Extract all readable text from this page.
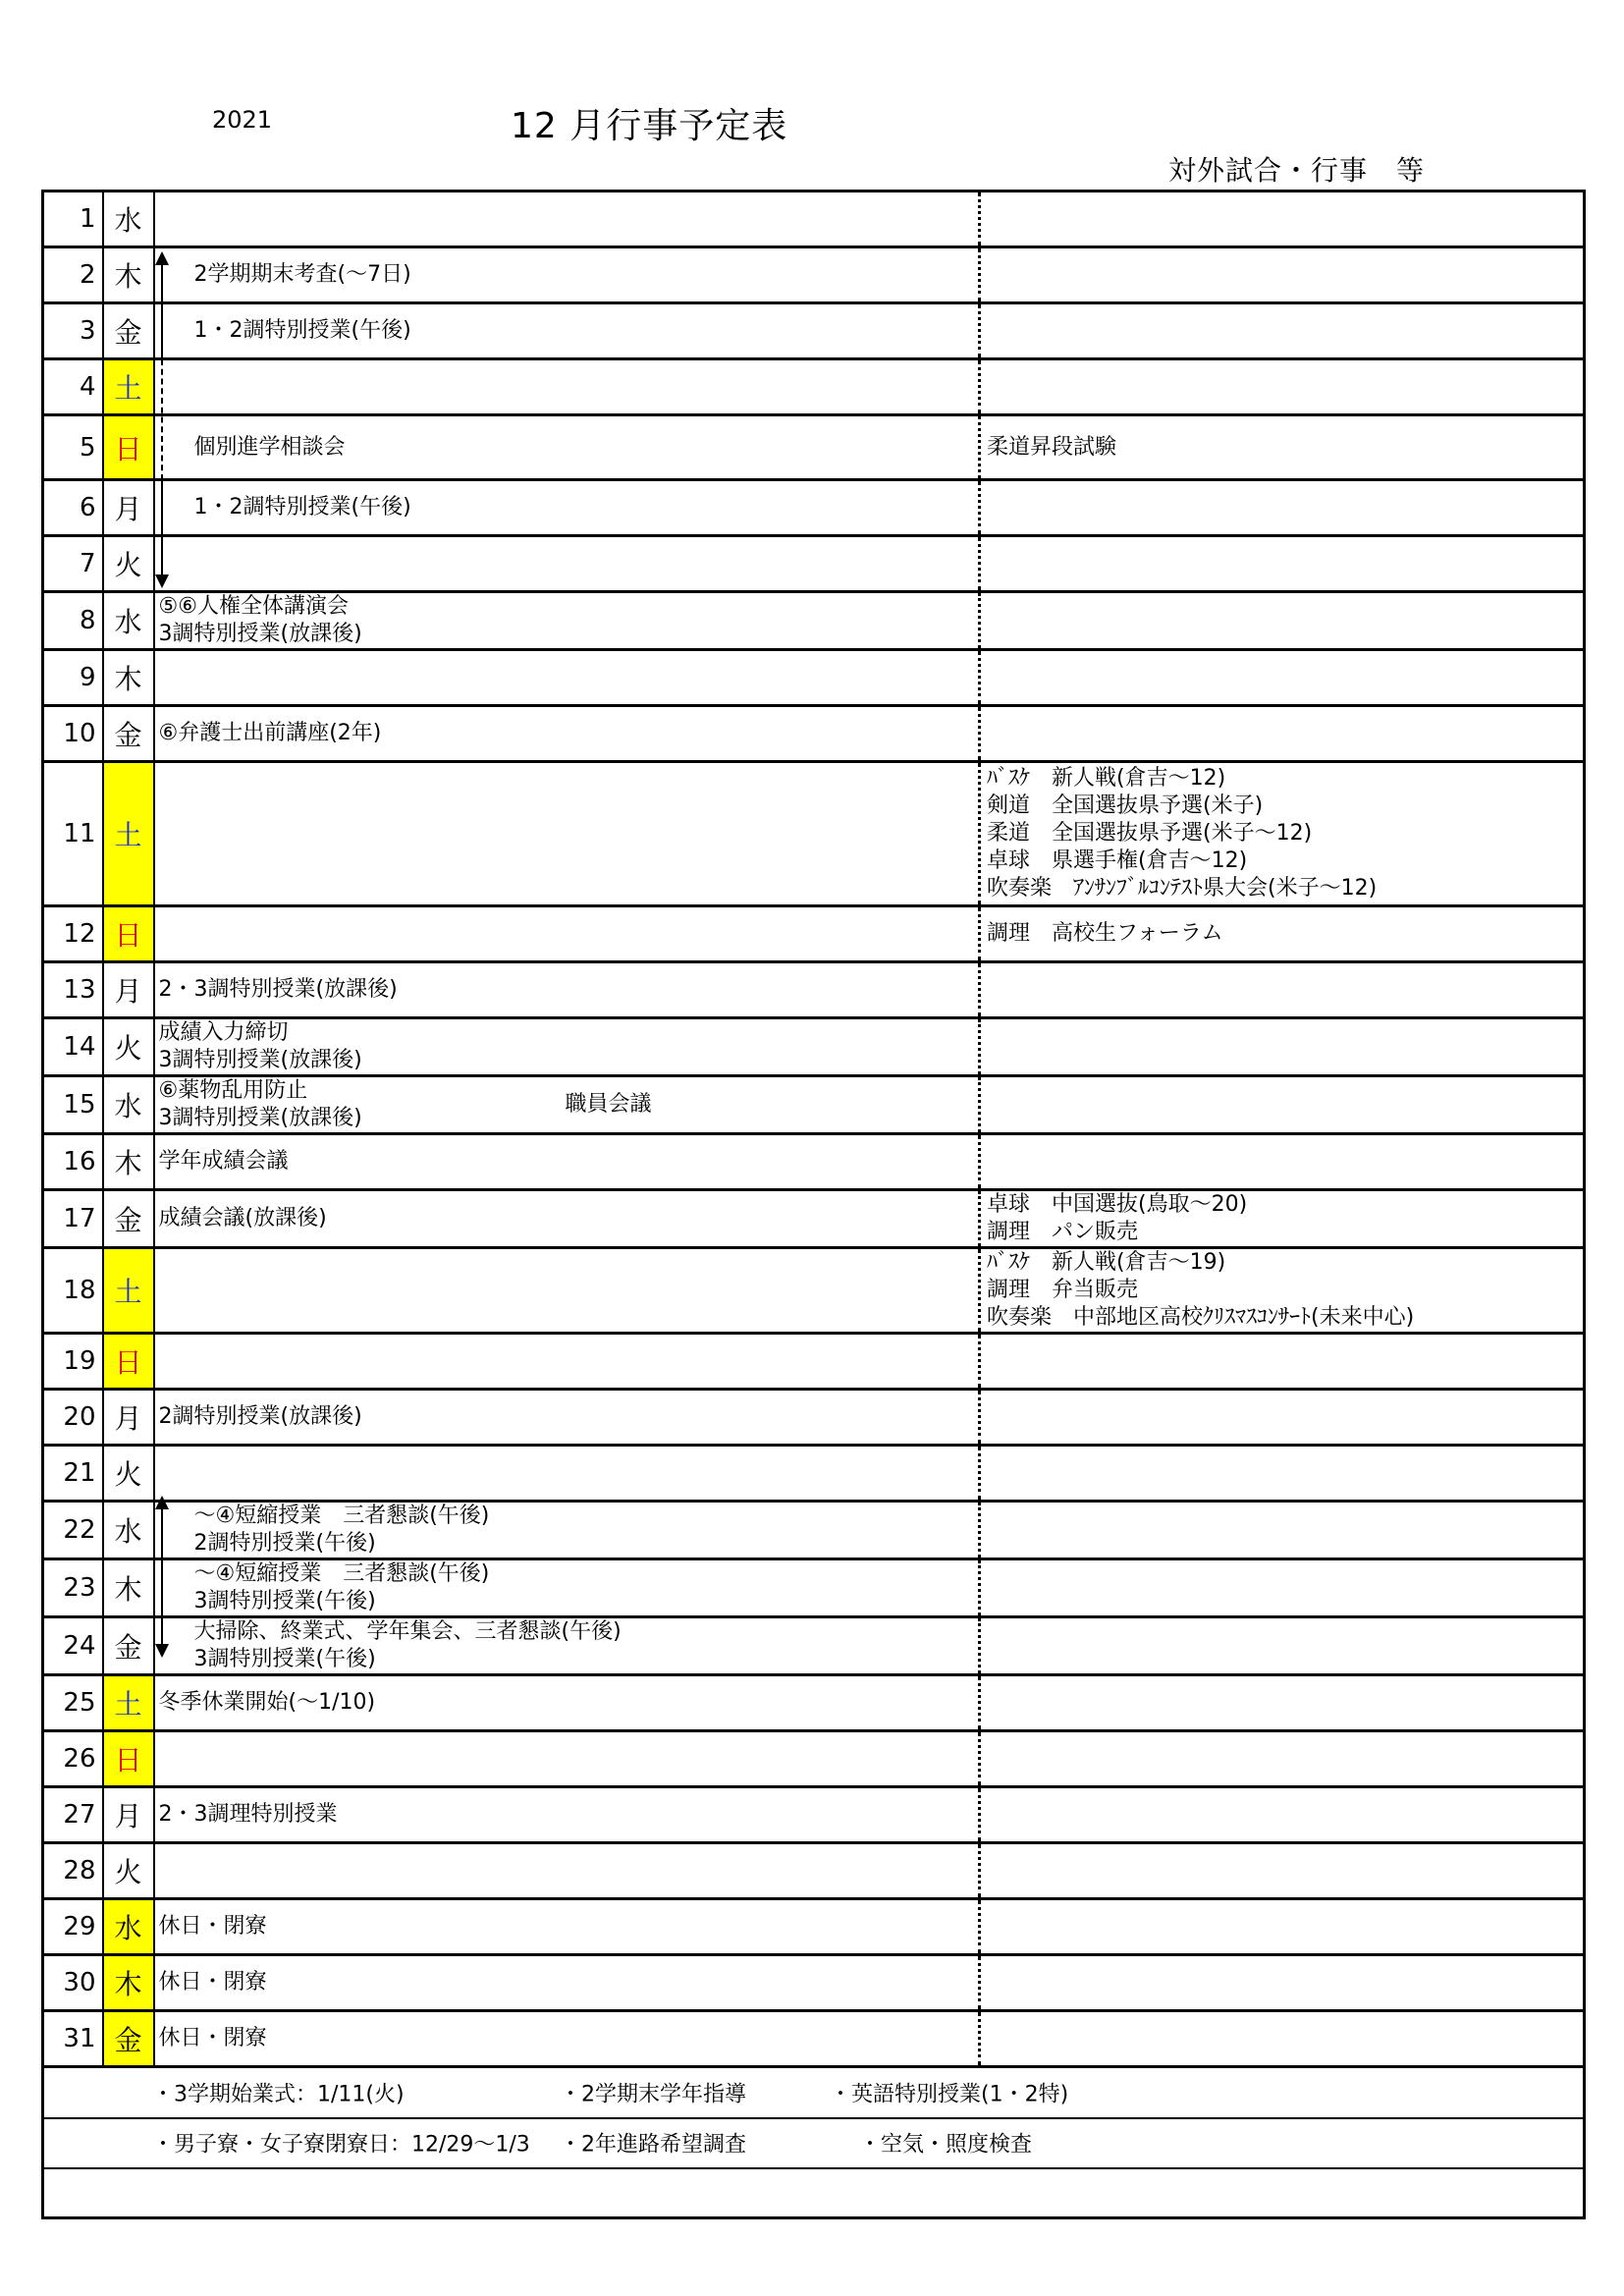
2021	12 月行事予定表
対外試合・行事　等
1	水		
2	木	2学期期末考査(～7日)	

3	金	1・2調特別授業(午後)	

4	土		
5	日	個別進学相談会	柔道昇段試験

6	月	1・2調特別授業(午後)	

7	火		
8	水	⑤⑥人権全体講演会
3調特別授業(放課後)	

9	木		
10	金	⑥弁護士出前講座(2年)	

11	土		ﾊﾞｽｹ　新人戦(倉吉～12)
剣道　全国選抜県予選(米子)
柔道　全国選抜県予選(米子～12)
卓球　県選手権(倉吉～12)
吹奏楽　ｱﾝｻﾝﾌﾞﾙｺﾝﾃｽﾄ県大会(米子～12)

12	日		調理　高校生フォーラム

13	月	2・3調特別授業(放課後)	

14	火	成績入力締切
3調特別授業(放課後)	

15	水	⑥薬物乱用防止
3調特別授業(放課後)
職員会議	

16	木	学年成績会議	

17	金	成績会議(放課後)	卓球　中国選抜(鳥取～20)
調理　パン販売

18	土		ﾊﾞｽｹ　新人戦(倉吉～19)
調理　弁当販売
吹奏楽　中部地区高校ｸﾘｽﾏｽｺﾝｻｰﾄ(未来中心)

19	日		
20	月	2調特別授業(放課後)	

21	火		
22	水	～④短縮授業　三者懇談(午後)
2調特別授業(午後)	

23	木	～④短縮授業　三者懇談(午後)
3調特別授業(午後)	

24	金	大掃除、終業式、学年集会、三者懇談(午後)
3調特別授業(午後)	

25	土	冬季休業開始(～1/10)	

26	日		
27	月	2・3調理特別授業	

28	火		
29	水	休日・閉寮	

30	木	休日・閉寮	

31	金	休日・閉寮	

・3学期始業式：1/11(火) ・2学期末学年指導 ・英語特別授業(1・2特)			

・男子寮・女子寮閉寮日：12/29～1/3 ・2年進路希望調査 ・空気・照度検査			
